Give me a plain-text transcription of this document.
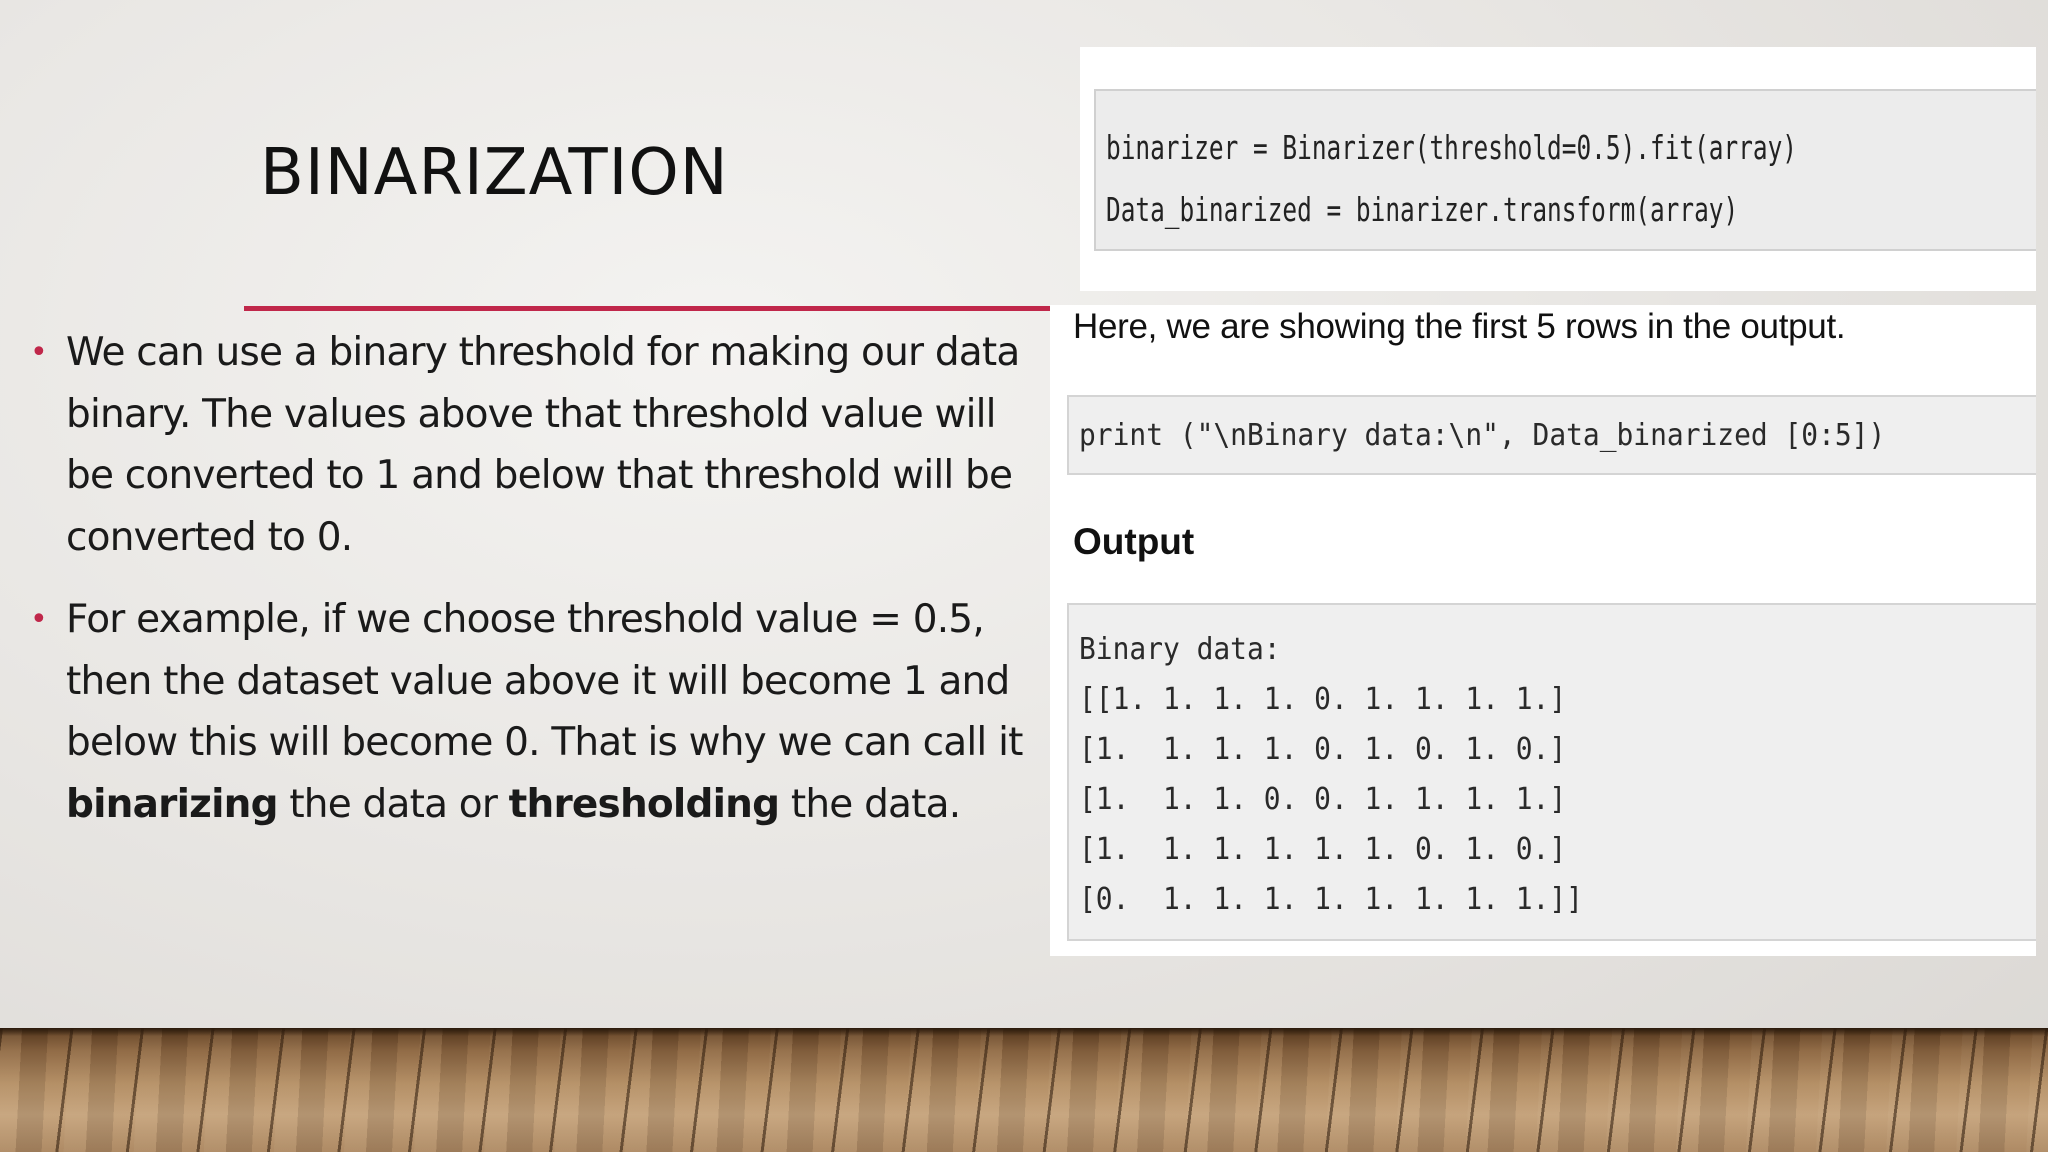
BINARIZATION
• We can use a binary threshold for making our data binary. The values above that threshold value will be converted to 1 and below that threshold will be converted to 0.
• For example, if we choose threshold value = 0.5, then the dataset value above it will become 1 and below this will become 0. That is why we can call it binarizing the data or thresholding the data.
binarizer = Binarizer(threshold=0.5).fit(array)
Data_binarized = binarizer.transform(array)
Here, we are showing the first 5 rows in the output.
print ("\nBinary data:\n", Data_binarized [0:5])
Output
Binary data:
[[1. 1. 1. 1. 0. 1. 1. 1. 1.]
[1.  1. 1. 1. 0. 1. 0. 1. 0.]
[1.  1. 1. 0. 0. 1. 1. 1. 1.]
[1.  1. 1. 1. 1. 1. 0. 1. 0.]
[0.  1. 1. 1. 1. 1. 1. 1. 1.]]
